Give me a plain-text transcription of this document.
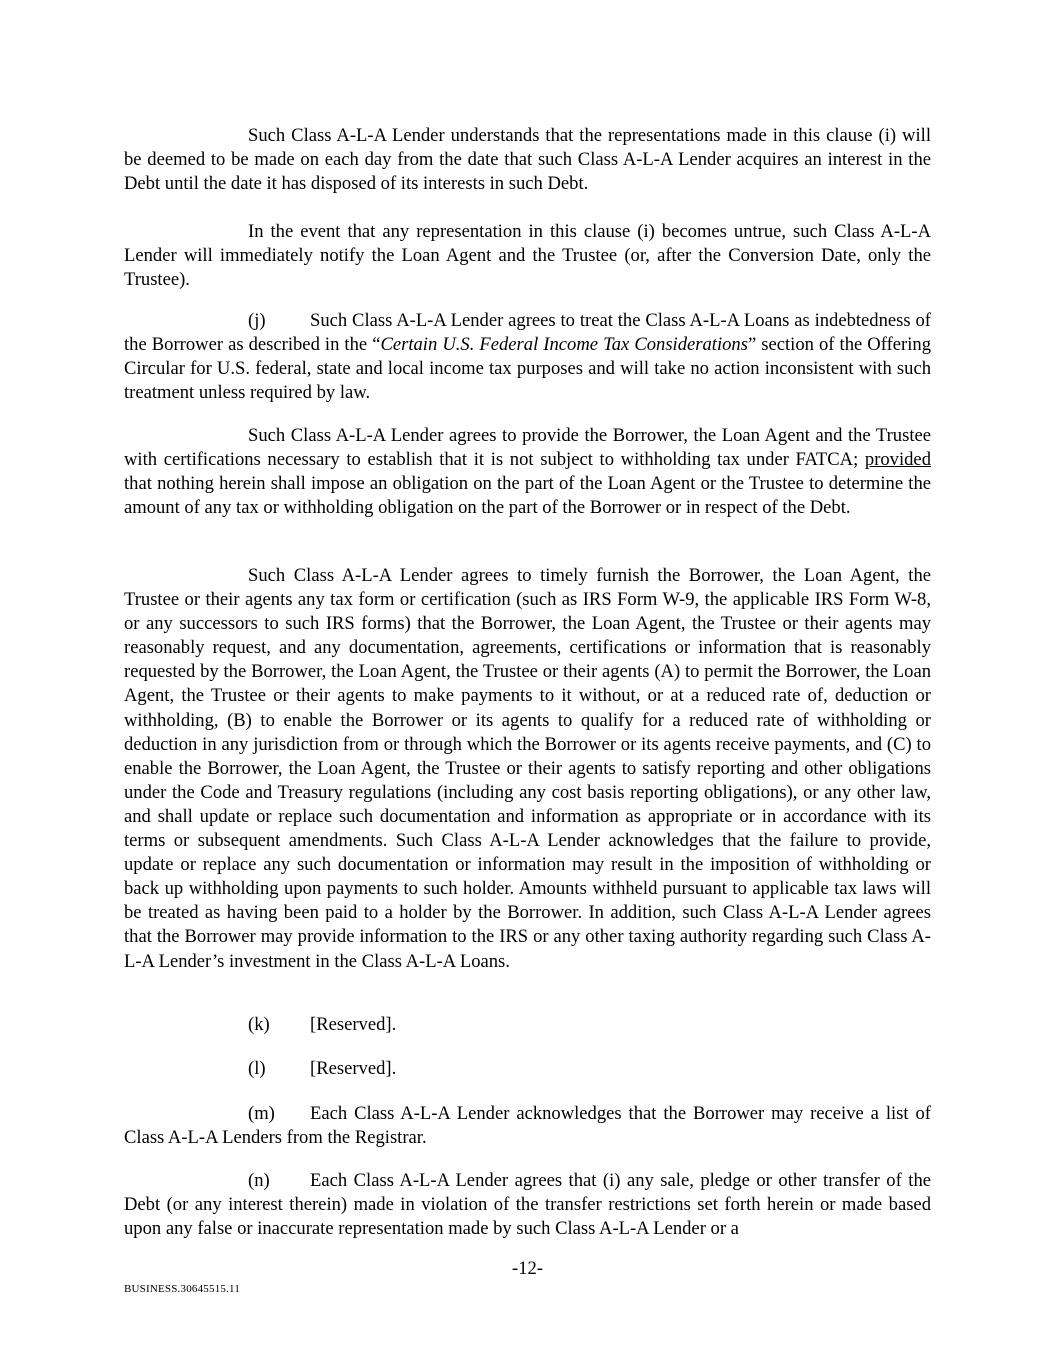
Such Class A-L-A Lender understands that the representations made in this clause (i) will be deemed to be made on each day from the date that such Class A-L-A Lender acquires an interest in the Debt until the date it has disposed of its interests in such Debt.

In the event that any representation in this clause (i) becomes untrue, such Class A-L-A Lender will immediately notify the Loan Agent and the Trustee (or, after the Conversion Date, only the Trustee).

(j) Such Class A-L-A Lender agrees to treat the Class A-L-A Loans as indebtedness of the Borrower as described in the “Certain U.S. Federal Income Tax Considerations” section of the Offering Circular for U.S. federal, state and local income tax purposes and will take no action inconsistent with such treatment unless required by law.

Such Class A-L-A Lender agrees to provide the Borrower, the Loan Agent and the Trustee with certifications necessary to establish that it is not subject to withholding tax under FATCA; provided that nothing herein shall impose an obligation on the part of the Loan Agent or the Trustee to determine the amount of any tax or withholding obligation on the part of the Borrower or in respect of the Debt.

Such Class A-L-A Lender agrees to timely furnish the Borrower, the Loan Agent, the Trustee or their agents any tax form or certification (such as IRS Form W-9, the applicable IRS Form W-8, or any successors to such IRS forms) that the Borrower, the Loan Agent, the Trustee or their agents may reasonably request, and any documentation, agreements, certifications or information that is reasonably requested by the Borrower, the Loan Agent, the Trustee or their agents (A) to permit the Borrower, the Loan Agent, the Trustee or their agents to make payments to it without, or at a reduced rate of, deduction or withholding, (B) to enable the Borrower or its agents to qualify for a reduced rate of withholding or deduction in any jurisdiction from or through which the Borrower or its agents receive payments, and (C) to enable the Borrower, the Loan Agent, the Trustee or their agents to satisfy reporting and other obligations under the Code and Treasury regulations (including any cost basis reporting obligations), or any other law, and shall update or replace such documentation and information as appropriate or in accordance with its terms or subsequent amendments. Such Class A-L-A Lender acknowledges that the failure to provide, update or replace any such documentation or information may result in the imposition of withholding or back up withholding upon payments to such holder. Amounts withheld pursuant to applicable tax laws will be treated as having been paid to a holder by the Borrower. In addition, such Class A-L-A Lender agrees that the Borrower may provide information to the IRS or any other taxing authority regarding such Class A-L-A Lender’s investment in the Class A-L-A Loans.

(k) [Reserved].

(l) [Reserved].

(m) Each Class A-L-A Lender acknowledges that the Borrower may receive a list of Class A-L-A Lenders from the Registrar.

(n) Each Class A-L-A Lender agrees that (i) any sale, pledge or other transfer of the Debt (or any interest therein) made in violation of the transfer restrictions set forth herein or made based upon any false or inaccurate representation made by such Class A-L-A Lender or a

-12-
BUSINESS.30645515.11
